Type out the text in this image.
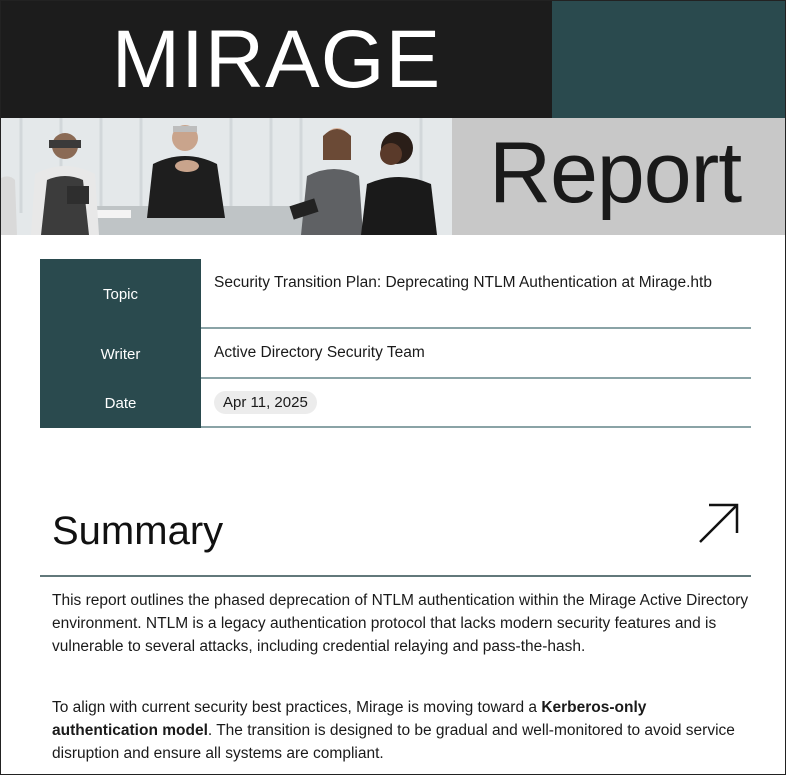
MIRAGE
Report
Topic
Security Transition Plan: Deprecating NTLM Authentication at Mirage.htb
Writer	Active Directory Security Team
Date	Apr 11, 2025
Summary
This report outlines the phased deprecation of NTLM authentication within the Mirage Active Directory environment. NTLM is a legacy authentication protocol that lacks modern security features and is vulnerable to several attacks, including credential relaying and pass-the-hash.
To align with current security best practices, Mirage is moving toward a Kerberos-only authentication model. The transition is designed to be gradual and well-monitored to avoid service disruption and ensure all systems are compliant.
